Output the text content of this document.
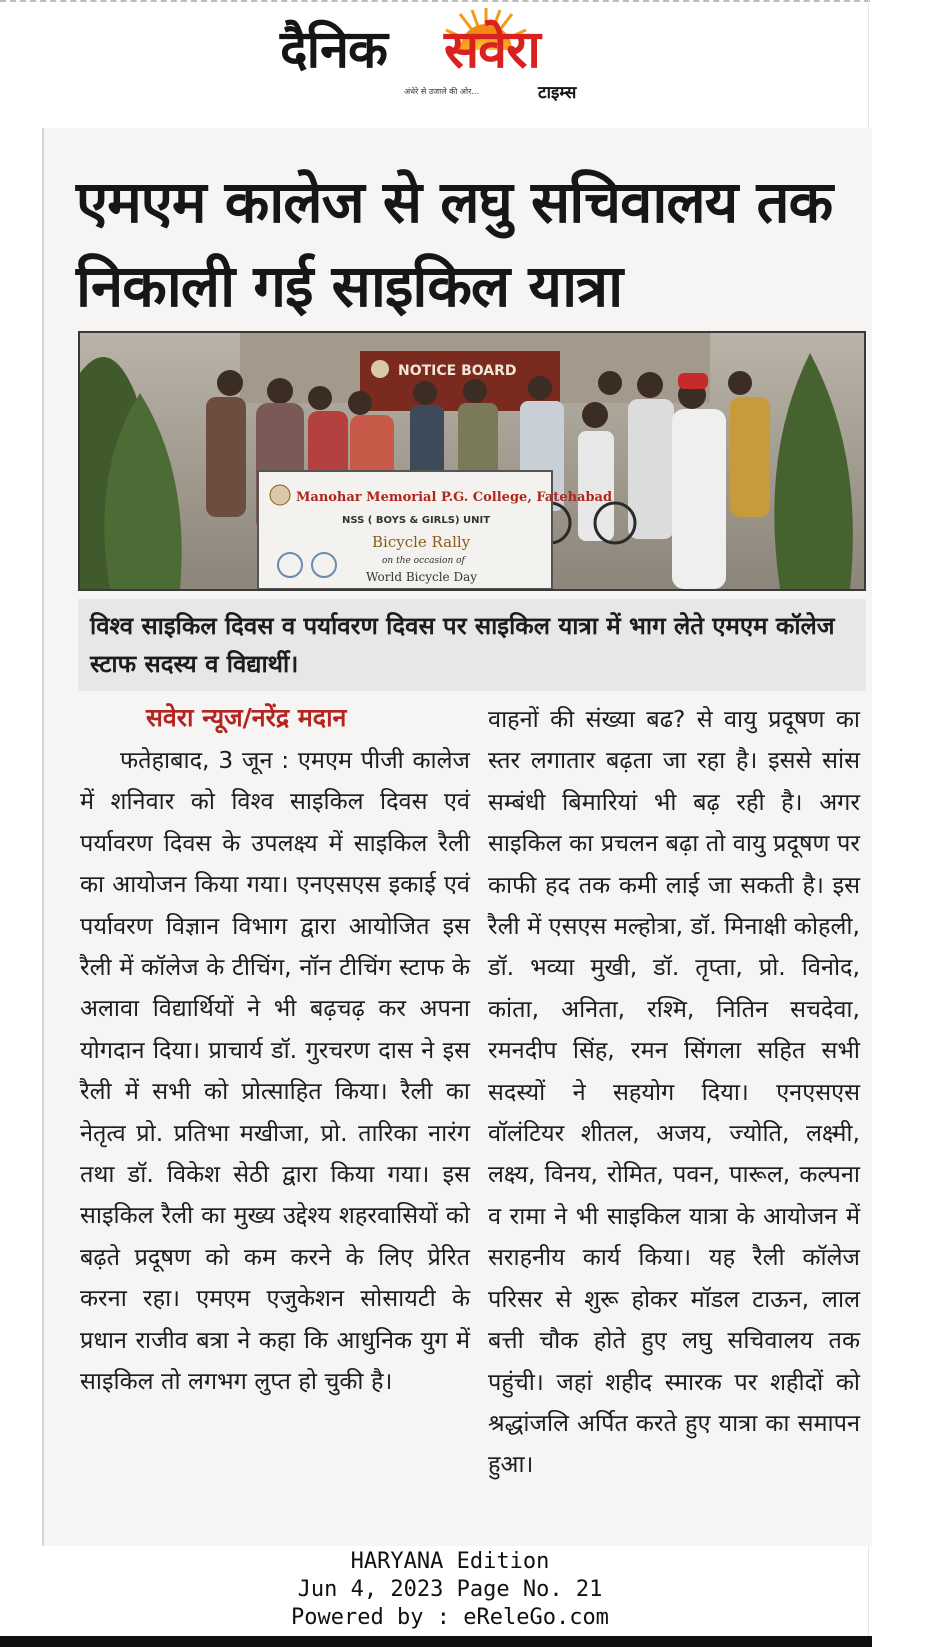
दैनिक सवेरा
अंधेरे से उजाले की ओर...	टाइम्स
एमएम कालेज से लघु सचिवालय तक निकाली गई साइकिल यात्रा
NOTICE BOARD
Manohar Memorial P.G. College, Fatehabad
NSS ( BOYS & GIRLS) UNIT
Bicycle Rally
on the occasion of
World Bicycle Day

विश्व साइकिल दिवस व पर्यावरण दिवस पर साइकिल यात्रा में भाग लेते एमएम कॉलेज स्टाफ सदस्य व विद्यार्थी।

सवेरा न्यूज/नरेंद्र मदान

फतेहाबाद, 3 जून : एमएम पीजी कालेज में शनिवार को विश्व साइकिल दिवस एवं पर्यावरण दिवस के उपलक्ष्य में साइकिल रैली का आयोजन किया गया। एनएसएस इकाई एवं पर्यावरण विज्ञान विभाग द्वारा आयोजित इस रैली में कॉलेज के टीचिंग, नॉन टीचिंग स्टाफ के अलावा विद्यार्थियों ने भी बढ़चढ़ कर अपना योगदान दिया। प्राचार्य डॉ. गुरचरण दास ने इस रैली में सभी को प्रोत्साहित किया। रैली का नेतृत्व प्रो. प्रतिभा मखीजा, प्रो. तारिका नारंग तथा डॉ. विकेश सेठी द्वारा किया गया। इस साइकिल रैली का मुख्य उद्देश्य शहरवासियों को बढ़ते प्रदूषण को कम करने के लिए प्रेरित करना रहा। एमएम एजुकेशन सोसायटी के प्रधान राजीव बत्रा ने कहा कि आधुनिक युग में साइकिल तो लगभग लुप्त हो चुकी है।

वाहनों की संख्या बढ? से वायु प्रदूषण का स्तर लगातार बढ़ता जा रहा है। इससे सांस सम्बंधी बिमारियां भी बढ़ रही है। अगर साइकिल का प्रचलन बढ़ा तो वायु प्रदूषण पर काफी हद तक कमी लाई जा सकती है। इस रैली में एसएस मल्होत्रा, डॉ. मिनाक्षी कोहली, डॉ. भव्या मुखी, डॉ. तृप्ता, प्रो. विनोद, कांता, अनिता, रश्मि, नितिन सचदेवा, रमनदीप सिंह, रमन सिंगला सहित सभी सदस्यों ने सहयोग दिया। एनएसएस वॉलंटियर शीतल, अजय, ज्योति, लक्ष्मी, लक्ष्य, विनय, रोमित, पवन, पारूल, कल्पना व रामा ने भी साइकिल यात्रा के आयोजन में सराहनीय कार्य किया। यह रैली कॉलेज परिसर से शुरू होकर मॉडल टाऊन, लाल बत्ती चौक होते हुए लघु सचिवालय तक पहुंची। जहां शहीद स्मारक पर शहीदों को श्रद्धांजलि अर्पित करते हुए यात्रा का समापन हुआ।

HARYANA Edition
Jun 4, 2023 Page No. 21
Powered by : eReleGo.com
